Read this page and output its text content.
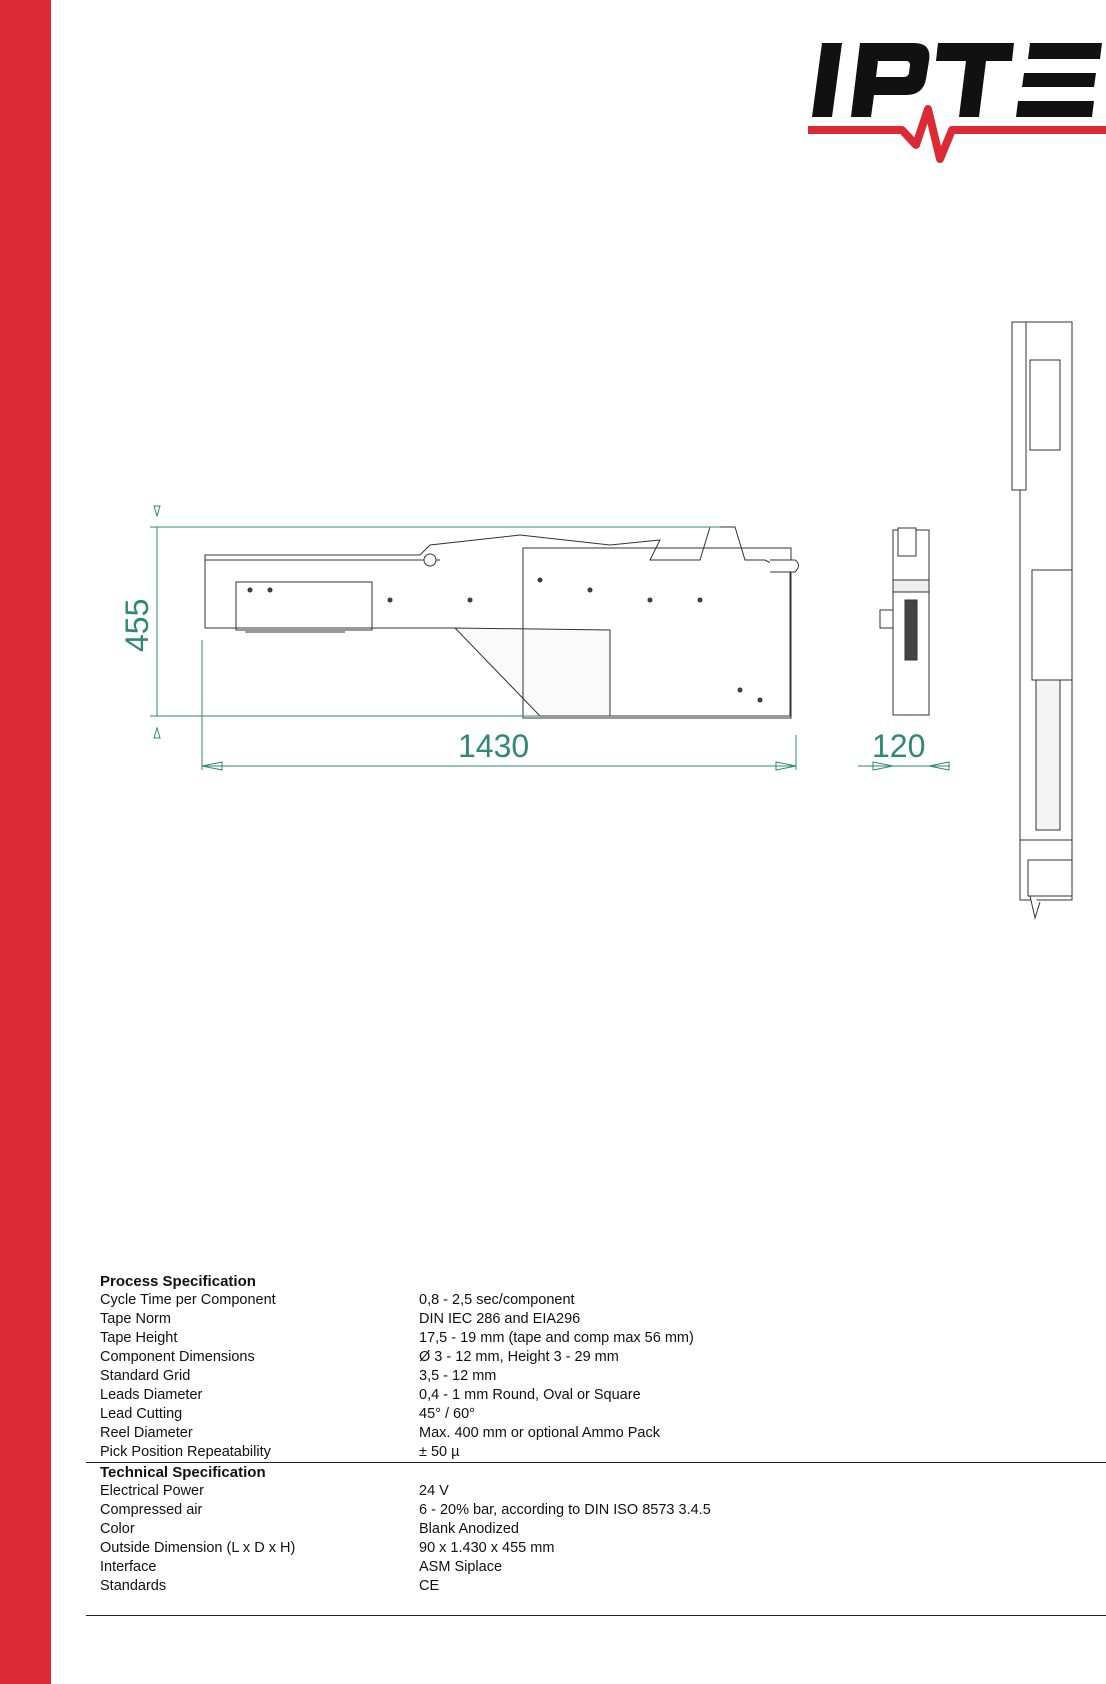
455
1430	120
Process Specification
Cycle Time per Component	0,8 - 2,5 sec/component
Tape Norm	DIN IEC 286 and EIA296
Tape Height	17,5 - 19 mm (tape and comp max 56 mm)
Component Dimensions	Ø 3 - 12 mm, Height 3 - 29 mm
Standard Grid	3,5 - 12 mm
Leads Diameter	0,4 - 1 mm Round, Oval or Square
Lead Cutting	45° / 60°
Reel Diameter	Max. 400 mm or optional Ammo Pack
Pick Position Repeatability	± 50 µ
Technical Specification
Electrical Power	24 V
Compressed air	6 - 20% bar, according to DIN ISO 8573 3.4.5
Color	Blank Anodized
Outside Dimension (L x D x H)	90 x 1.430 x 455 mm
Interface	ASM Siplace
Standards	CE
